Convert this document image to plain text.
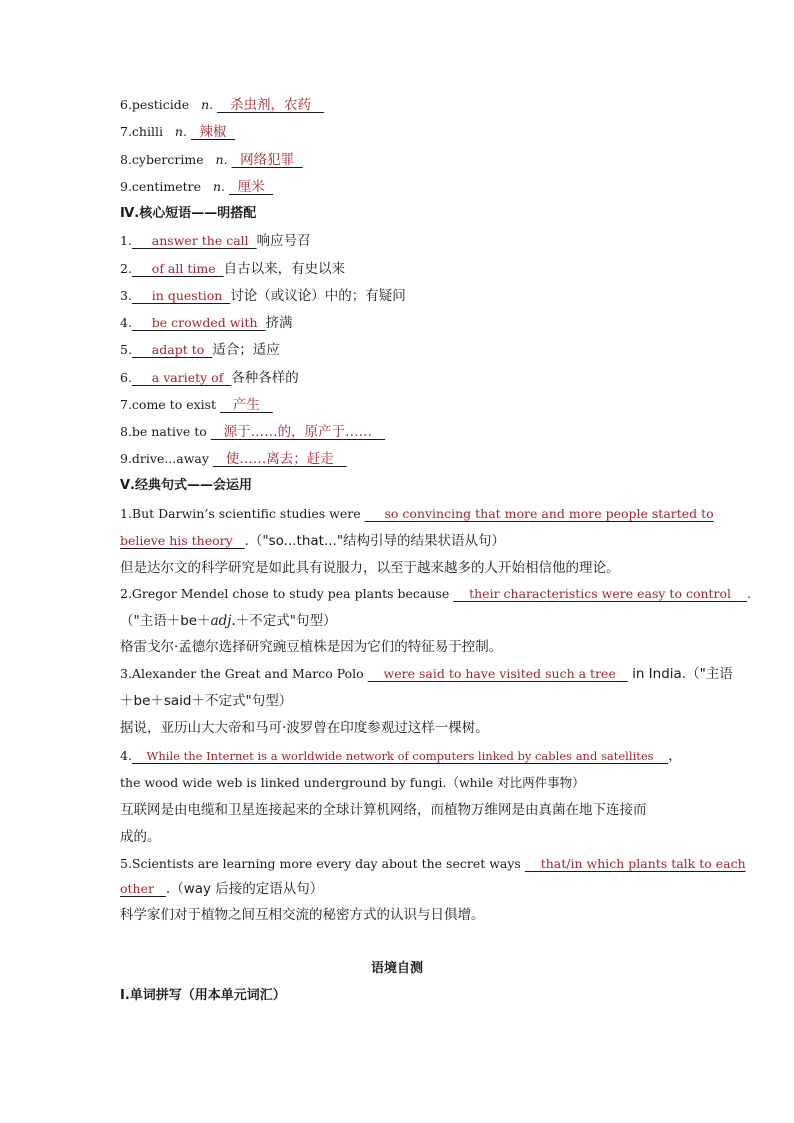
6.pesticide n.    杀虫剂，农药
7.chilli n.   辣椒
8.cybercrime n.   网络犯罪
9.centimetre n.   厘米
Ⅳ.核心短语——明搭配
1.     answer the call  响应号召
2.     of all time  自古以来，有史以来
3.     in question  讨论（或议论）中的；有疑问
4.     be crowded with  挤满
5.     adapt to  适合；适应
6.     a variety of  各种各样的
7.come to exist    产生
8.be native to    源于……的，原产于……
9.drive...away    使……离去；赶走
Ⅴ.经典句式——会运用
1.But Darwin’s scientific studies were      so convincing that more and more people started to
believe his theory   .（"so...that..."结构引导的结果状语从句）
但是达尔文的科学研究是如此具有说服力，以至于越来越多的人开始相信他的理论。
2.Gregor Mendel chose to study pea plants because     their characteristics were easy to control    .
（"主语＋be＋adj.＋不定式"句型）
格雷戈尔·孟德尔选择研究豌豆植株是因为它们的特征易于控制。
3.Alexander the Great and Marco Polo     were said to have visited such a tree    in India.（"主语
＋be＋said＋不定式"句型）
据说，亚历山大大帝和马可·波罗曾在印度参观过这样一棵树。
4.    While the Internet is a worldwide network of computers linked by cables and satellites    ，
the wood wide web is linked underground by fungi.（while 对比两件事物）
互联网是由电缆和卫星连接起来的全球计算机网络，而植物万维网是由真菌在地下连接而
成的。
5.Scientists are learning more every day about the secret ways     that/in which plants talk to each
other   .（way 后接的定语从句）
科学家们对于植物之间互相交流的秘密方式的认识与日俱增。
语境自测
Ⅰ.单词拼写（用本单元词汇）
